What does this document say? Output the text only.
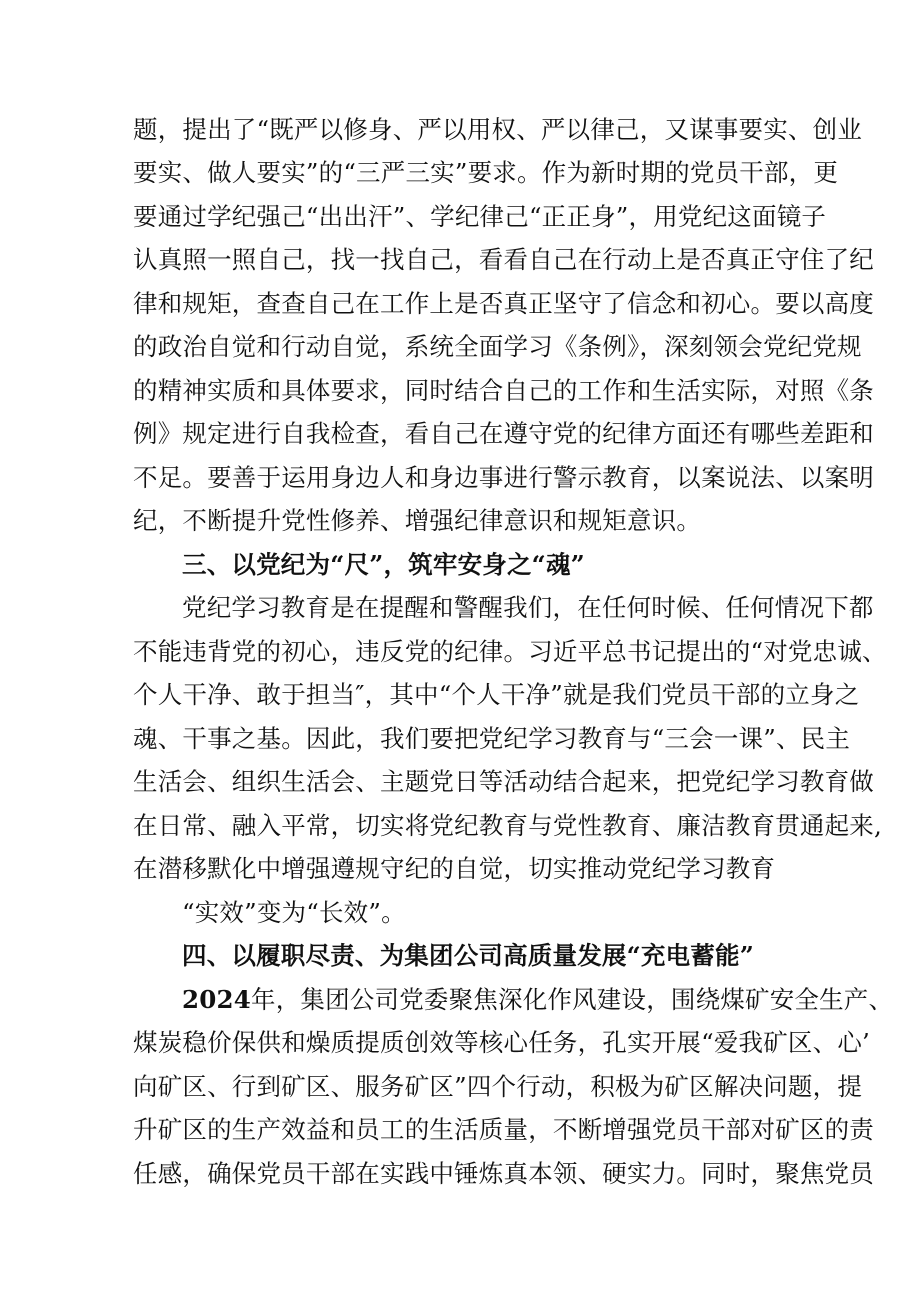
题，提出了“既严以修身、严以用权、严以律己，又谋事要实、创业
要实、做人要实”的“三严三实”要求。作为新时期的党员干部，更
要通过学纪强己“出出汗”、学纪律己“正正身”，用党纪这面镜子
认真照一照自己，找一找自己，看看自己在行动上是否真正守住了纪
律和规矩，查查自己在工作上是否真正坚守了信念和初心。要以高度
的政治自觉和行动自觉，系统全面学习《条例》，深刻领会党纪党规
的精神实质和具体要求，同时结合自己的工作和生活实际，对照《条
例》规定进行自我检查，看自己在遵守党的纪律方面还有哪些差距和
不足。要善于运用身边人和身边事进行警示教育，以案说法、以案明
纪，不断提升党性修养、增强纪律意识和规矩意识。
三、以党纪为“尺”，筑牢安身之“魂”
党纪学习教育是在提醒和警醒我们，在任何时候、任何情况下都
不能违背党的初心，违反党的纪律。习近平总书记提出的“对党忠诚、
个人干净、敢于担当″，其中“个人干净”就是我们党员干部的立身之
魂、干事之基。因此，我们要把党纪学习教育与“三会一课”、民主
生活会、组织生活会、主题党日等活动结合起来，把党纪学习教育做
在日常、融入平常，切实将党纪教育与党性教育、廉洁教育贯通起来,
在潜移默化中增强遵规守纪的自觉，切实推动党纪学习教育
“实效”变为“长效”。
四、以履职尽责、为集团公司高质量发展“充电蓄能”
2024年，集团公司党委聚焦深化作风建设，围绕煤矿安全生产、
煤炭稳价保供和燥质提质创效等核心任务，孔实开展“爱我矿区、心’
向矿区、行到矿区、服务矿区”四个行动，积极为矿区解决问题，提
升矿区的生产效益和员工的生活质量，不断增强党员干部对矿区的责
任感，确保党员干部在实践中锤炼真本领、硬实力。同时，聚焦党员
